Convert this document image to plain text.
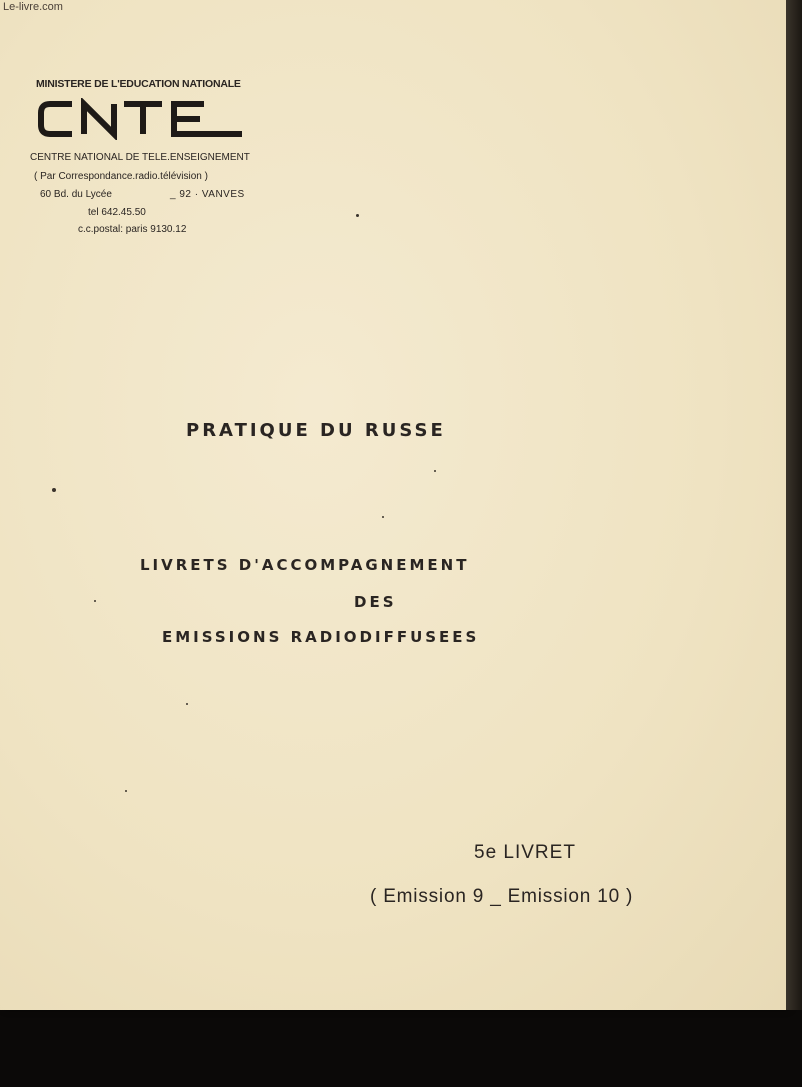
Le-livre.com
MINISTERE DE L'EDUCATION NATIONALE
CENTRE NATIONAL DE TELE.ENSEIGNEMENT
( Par Correspondance.radio.télévision )
60 Bd. du Lycée	_ 92 · VANVES
tel 642.45.50
c.c.postal: paris 9130.12
PRATIQUE DU RUSSE
LIVRETS D'ACCOMPAGNEMENT
DES
EMISSIONS RADIODIFFUSEES
5e LIVRET
( Emission 9 _ Emission 10 )
